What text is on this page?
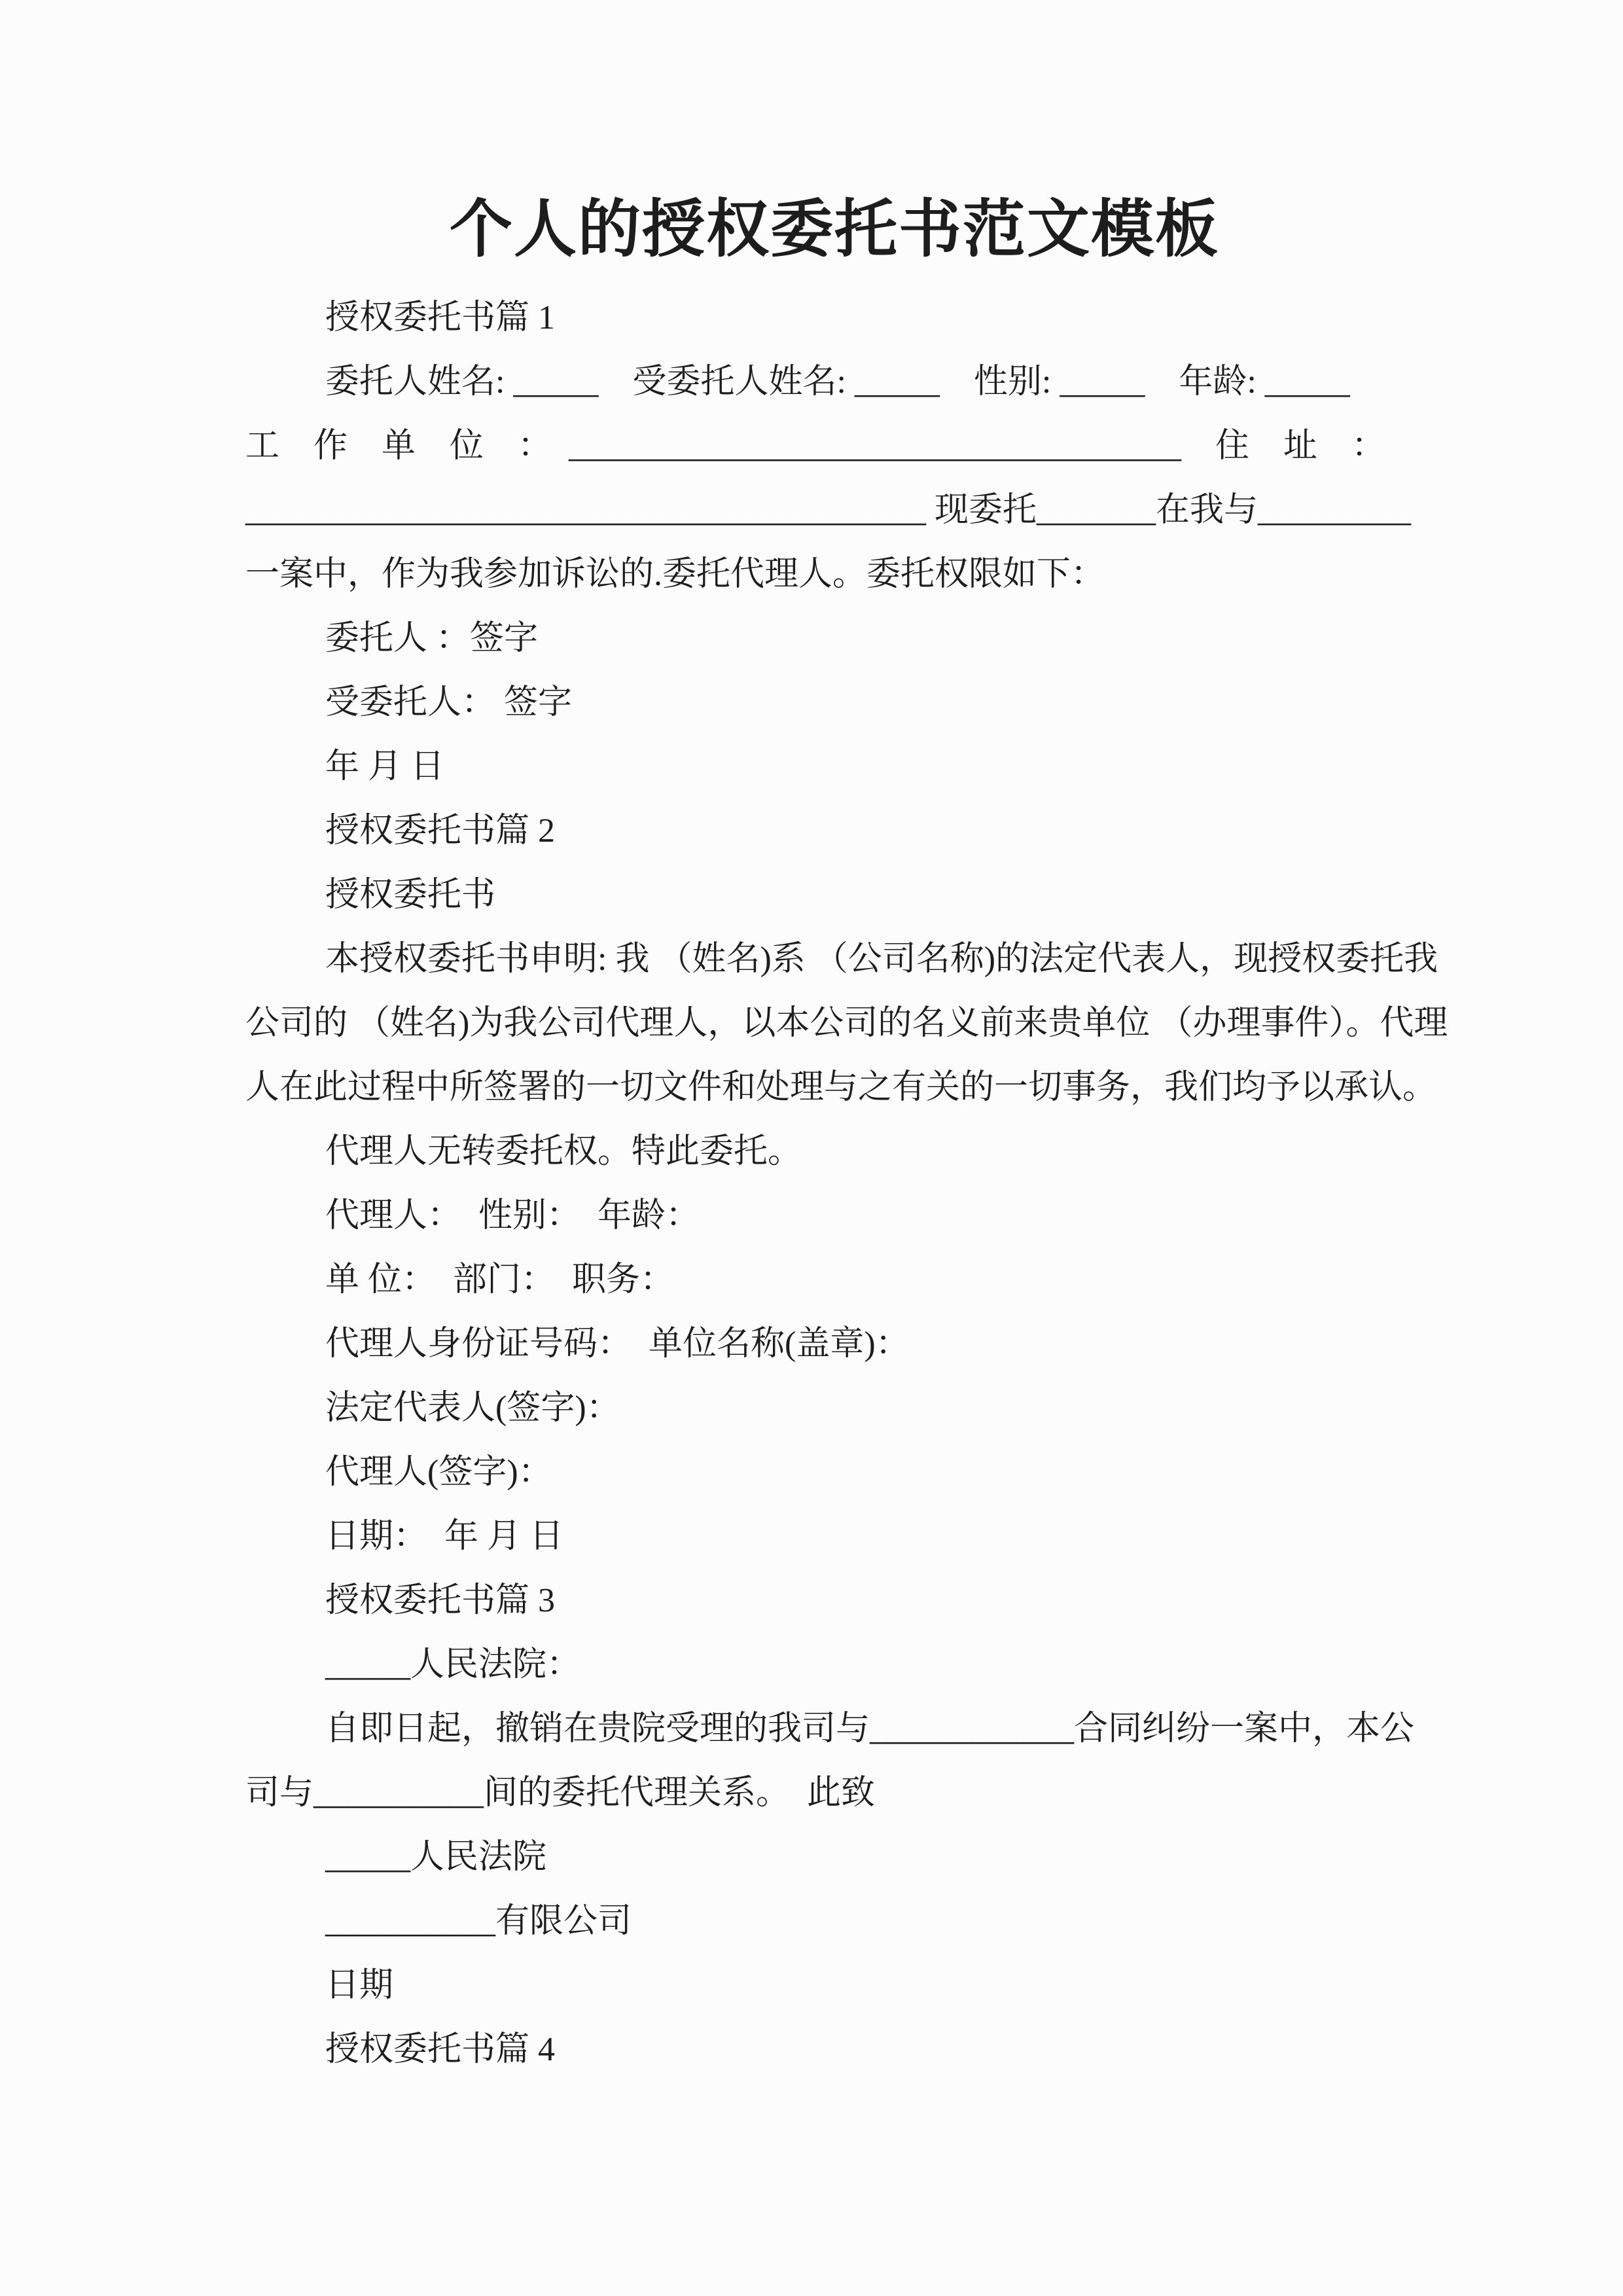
个人的授权委托书范文模板
授权委托书篇 1
委托人姓名: _____　受委托人姓名: _____　性别: _____　年龄: _____
工　作　单　位　：　____________________________________　住　址　：
________________________________________ 现委托_______在我与_________
一案中，作为我参加诉讼的.委托代理人。委托权限如下：
委托人 ：签字
受委托人： 签字
年 月 日
授权委托书篇 2
授权委托书
本授权委托书申明: 我 （姓名)系 （公司名称)的法定代表人，现授权委托我
公司的 （姓名)为我公司代理人，以本公司的名义前来贵单位 （办理事件）。代理
人在此过程中所签署的一切文件和处理与之有关的一切事务，我们均予以承认。
代理人无转委托权。特此委托。
代理人：　性别：　年龄：
单 位：　部门：　职务：
代理人身份证号码：　单位名称(盖章)：
法定代表人(签字)：
代理人(签字)：
日期：　年 月 日
授权委托书篇 3
_____人民法院：
自即日起，撤销在贵院受理的我司与____________合同纠纷一案中，本公
司与__________间的委托代理关系。　此致
_____人民法院
__________有限公司
日期
授权委托书篇 4
